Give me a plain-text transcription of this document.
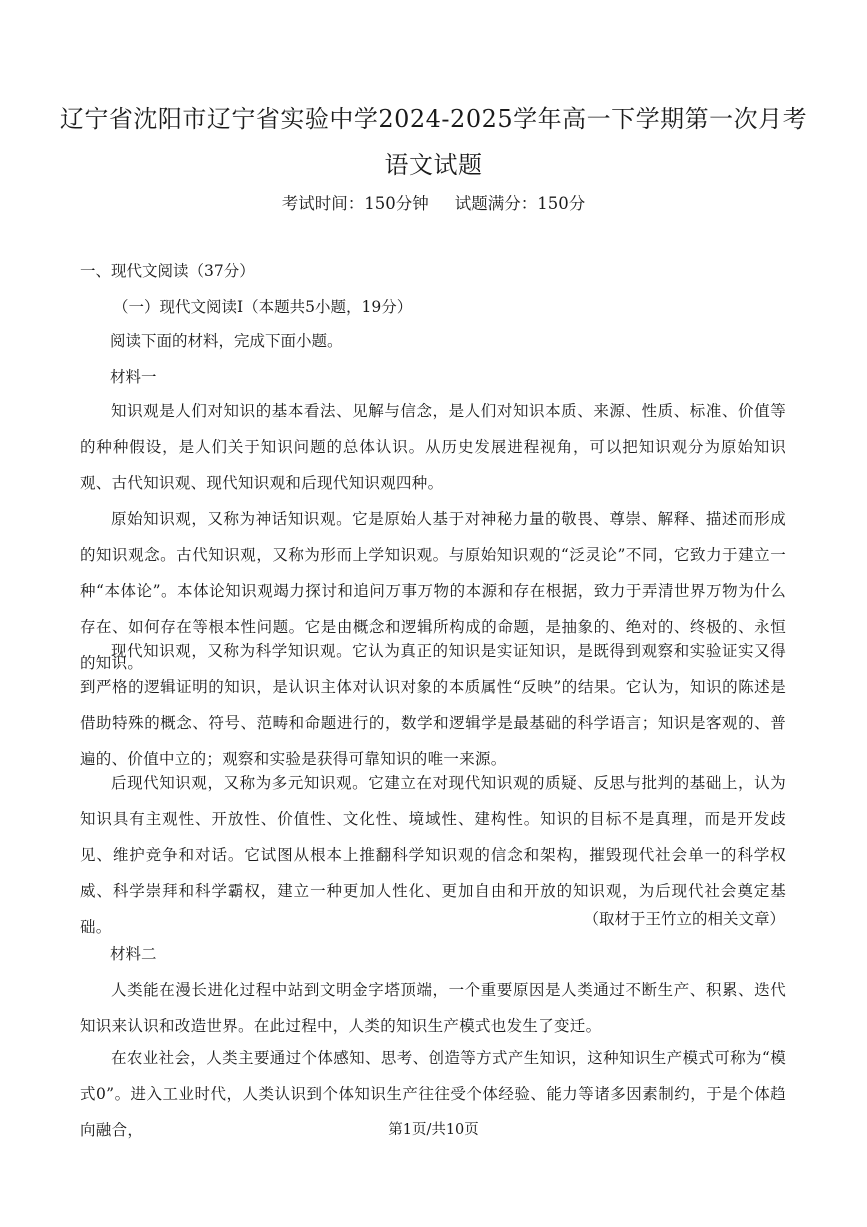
辽宁省沈阳市辽宁省实验中学2024-2025学年高一下学期第一次月考
语文试题
考试时间：150分钟 试题满分：150分
一、现代文阅读（37分）
（一）现代文阅读Ⅰ（本题共5小题，19分）
阅读下面的材料，完成下面小题。
材料一
知识观是人们对知识的基本看法、见解与信念，是人们对知识本质、来源、性质、标准、价值等的种种假设，是人们关于知识问题的总体认识。从历史发展进程视角，可以把知识观分为原始知识观、古代知识观、现代知识观和后现代知识观四种。
原始知识观，又称为神话知识观。它是原始人基于对神秘力量的敬畏、尊崇、解释、描述而形成的知识观念。古代知识观，又称为形而上学知识观。与原始知识观的“泛灵论”不同，它致力于建立一种“本体论”。本体论知识观竭力探讨和追问万事万物的本源和存在根据，致力于弄清世界万物为什么存在、如何存在等根本性问题。它是由概念和逻辑所构成的命题，是抽象的、绝对的、终极的、永恒的知识。
现代知识观，又称为科学知识观。它认为真正的知识是实证知识，是既得到观察和实验证实又得到严格的逻辑证明的知识，是认识主体对认识对象的本质属性“反映”的结果。它认为，知识的陈述是借助特殊的概念、符号、范畴和命题进行的，数学和逻辑学是最基础的科学语言；知识是客观的、普遍的、价值中立的；观察和实验是获得可靠知识的唯一来源。
后现代知识观，又称为多元知识观。它建立在对现代知识观的质疑、反思与批判的基础上，认为知识具有主观性、开放性、价值性、文化性、境域性、建构性。知识的目标不是真理，而是开发歧见、维护竞争和对话。它试图从根本上推翻科学知识观的信念和架构，摧毁现代社会单一的科学权威、科学崇拜和科学霸权，建立一种更加人性化、更加自由和开放的知识观，为后现代社会奠定基础。	（取材于王竹立的相关文章）
材料二
人类能在漫长进化过程中站到文明金字塔顶端，一个重要原因是人类通过不断生产、积累、迭代知识来认识和改造世界。在此过程中，人类的知识生产模式也发生了变迁。
在农业社会，人类主要通过个体感知、思考、创造等方式产生知识，这种知识生产模式可称为“模式0”。进入工业时代，人类认识到个体知识生产往往受个体经验、能力等诸多因素制约，于是个体趋向融合，	第1页/共10页
